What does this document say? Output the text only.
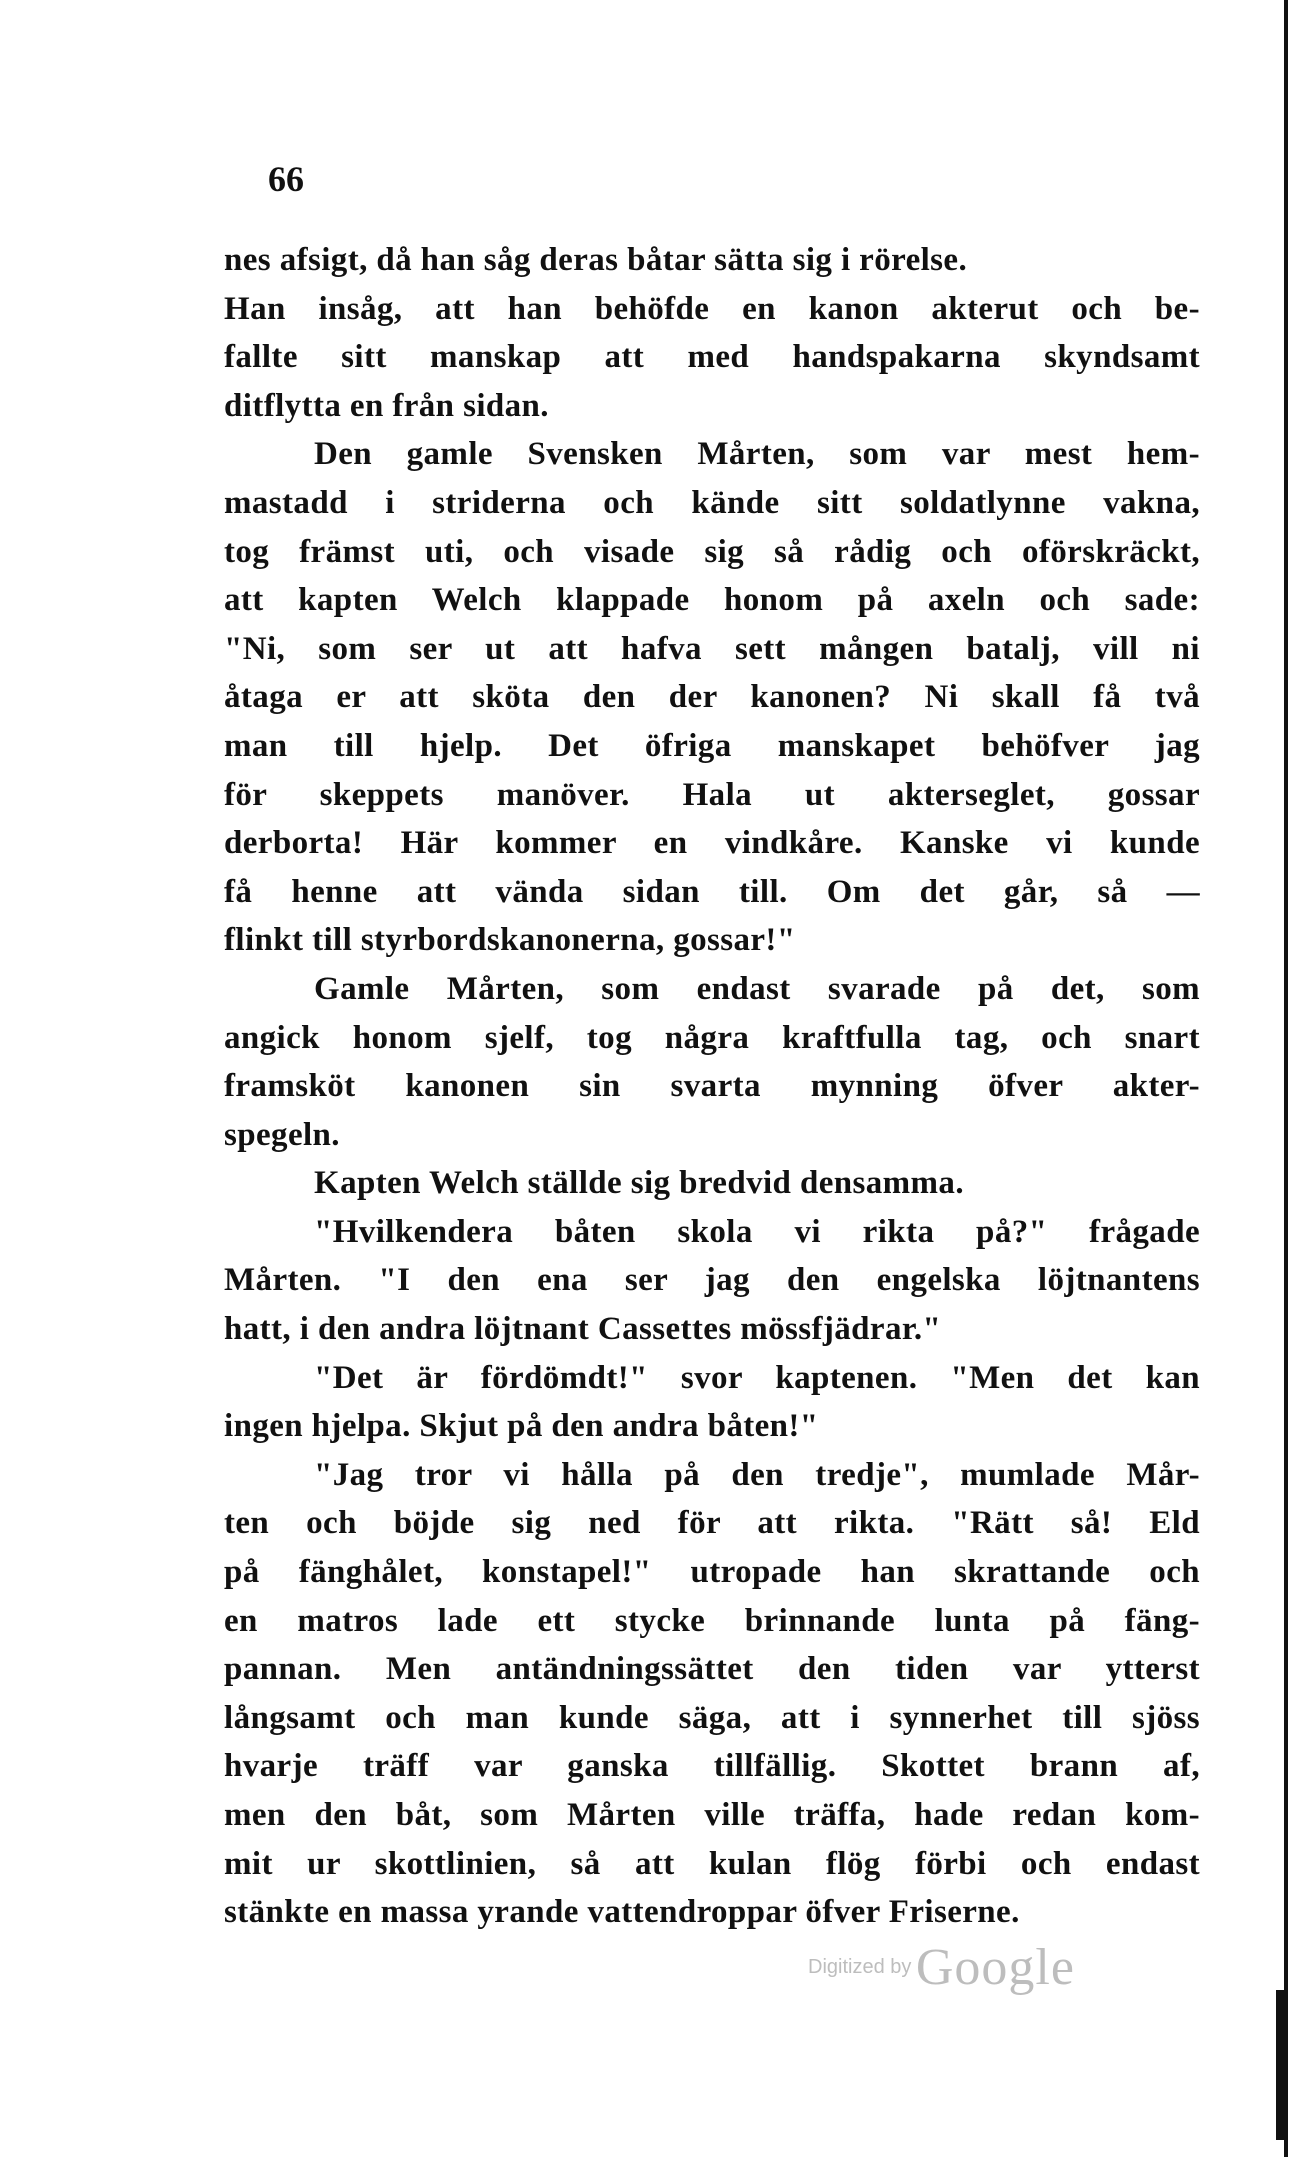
66
nes afsigt, då han såg deras båtar sätta sig i rörelse.
Han insåg, att han behöfde en kanon akterut och be-
fallte sitt manskap att med handspakarna skyndsamt
ditflytta en från sidan.
Den gamle Svensken Mårten, som var mest hem-
mastadd i striderna och kände sitt soldatlynne vakna,
tog främst uti, och visade sig så rådig och oförskräckt,
att kapten Welch klappade honom på axeln och sade:
"Ni, som ser ut att hafva sett mången batalj, vill ni
åtaga er att sköta den der kanonen? Ni skall få två
man till hjelp. Det öfriga manskapet behöfver jag
för skeppets manöver. Hala ut akterseglet, gossar
derborta! Här kommer en vindkåre. Kanske vi kunde
få henne att vända sidan till. Om det går, så —
flinkt till styrbordskanonerna, gossar!"
Gamle Mårten, som endast svarade på det, som
angick honom sjelf, tog några kraftfulla tag, och snart
framsköt kanonen sin svarta mynning öfver akter-
spegeln.
Kapten Welch ställde sig bredvid densamma.
"Hvilkendera båten skola vi rikta på?" frågade
Mårten. "I den ena ser jag den engelska löjtnantens
hatt, i den andra löjtnant Cassettes mössfjädrar."
"Det är fördömdt!" svor kaptenen. "Men det kan
ingen hjelpa. Skjut på den andra båten!"
"Jag tror vi hålla på den tredje", mumlade Mår-
ten och böjde sig ned för att rikta. "Rätt så! Eld
på fänghålet, konstapel!" utropade han skrattande och
en matros lade ett stycke brinnande lunta på fäng-
pannan. Men antändningssättet den tiden var ytterst
långsamt och man kunde säga, att i synnerhet till sjöss
hvarje träff var ganska tillfällig. Skottet brann af,
men den båt, som Mårten ville träffa, hade redan kom-
mit ur skottlinien, så att kulan flög förbi och endast
stänkte en massa yrande vattendroppar öfver Friserne.
Digitized by Google
